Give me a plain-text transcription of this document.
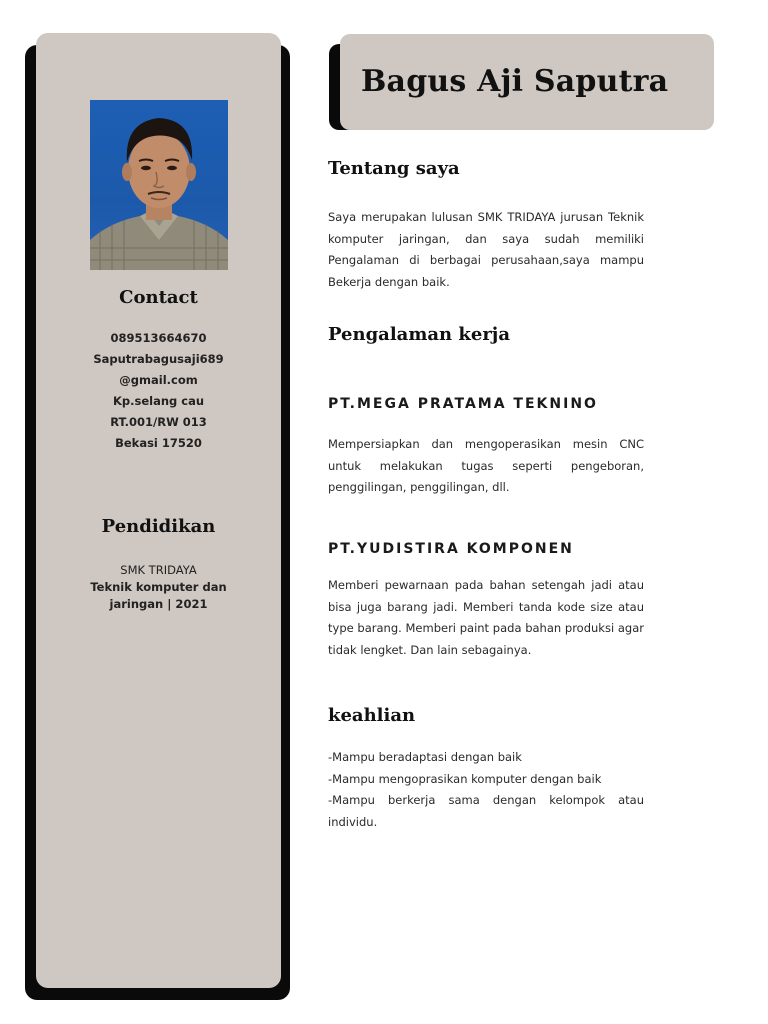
Contact
089513664670
Saputrabagusaji689
@gmail.com
Kp.selang cau
RT.001/RW 013
Bekasi 17520
Pendidikan
SMK TRIDAYA
Teknik komputer dan
jaringan | 2021
Bagus Aji Saputra
Tentang saya
Saya merupakan lulusan SMK TRIDAYA jurusan Teknik komputer jaringan, dan saya sudah memiliki Pengalaman di berbagai perusahaan,saya mampu Bekerja dengan baik.
Pengalaman kerja
PT.MEGA PRATAMA TEKNINO
Mempersiapkan dan mengoperasikan mesin CNC untuk melakukan tugas seperti pengeboran, penggilingan, penggilingan, dll.
PT.YUDISTIRA KOMPONEN
Memberi pewarnaan pada bahan setengah jadi atau bisa juga barang jadi. Memberi tanda kode size atau type barang. Memberi paint pada bahan produksi agar tidak lengket. Dan lain sebagainya.
keahlian
-Mampu beradaptasi dengan baik
-Mampu mengoprasikan komputer dengan baik
-Mampu berkerja sama dengan kelompok atau individu.
